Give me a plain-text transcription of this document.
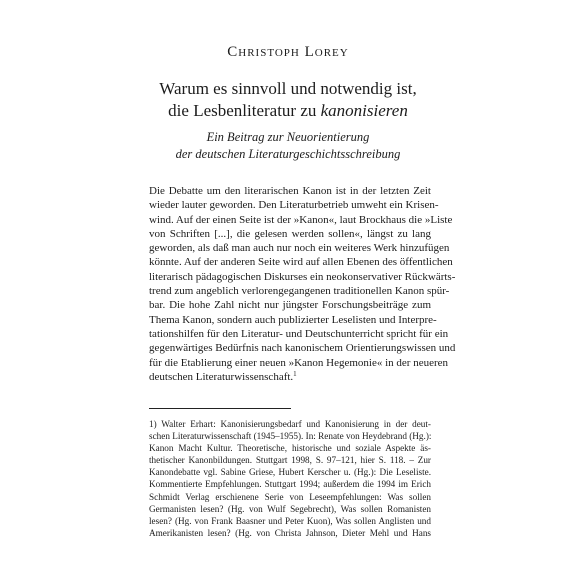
Christoph Lorey
Warum es sinnvoll und notwendig ist,
die Lesbenliteratur zu kanonisieren
Ein Beitrag zur Neuorientierung
der deutschen Literaturgeschichtsschreibung
Die Debatte um den literarischen Kanon ist in der letzten Zeit
wieder lauter geworden. Den Literaturbetrieb umweht ein Krisen-
wind. Auf der einen Seite ist der »Kanon«, laut Brockhaus die »Liste
von Schriften [...], die gelesen werden sollen«, längst zu lang
geworden, als daß man auch nur noch ein weiteres Werk hinzufügen
könnte. Auf der anderen Seite wird auf allen Ebenen des öffentlichen
literarisch pädagogischen Diskurses ein neokonservativer Rückwärts-
trend zum angeblich verlorengegangenen traditionellen Kanon spür-
bar. Die hohe Zahl nicht nur jüngster Forschungsbeiträge zum
Thema Kanon, sondern auch publizierter Leselisten und Interpre-
tationshilfen für den Literatur- und Deutschunterricht spricht für ein
gegenwärtiges Bedürfnis nach kanonischem Orientierungswissen und
für die Etablierung einer neuen »Kanon Hegemonie« in der neueren
deutschen Literaturwissenschaft.$^1$
1) Walter Erhart: Kanonisierungsbedarf und Kanonisierung in der deut-
schen Literaturwissenschaft (1945–1955). In: Renate von Heydebrand (Hg.):
Kanon Macht Kultur. Theoretische, historische und soziale Aspekte äs-
thetischer Kanonbildungen. Stuttgart 1998, S. 97–121, hier S. 118. – Zur
Kanondebatte vgl. Sabine Griese, Hubert Kerscher u. (Hg.): Die Leseliste.
Kommentierte Empfehlungen. Stuttgart 1994; außerdem die 1994 im Erich
Schmidt Verlag erschienene Serie von Leseempfehlungen: Was sollen
Germanisten lesen? (Hg. von Wulf Segebrecht), Was sollen Romanisten
lesen? (Hg. von Frank Baasner und Peter Kuon), Was sollen Anglisten und
Amerikanisten lesen? (Hg. von Christa Jahnson, Dieter Mehl und Hans
